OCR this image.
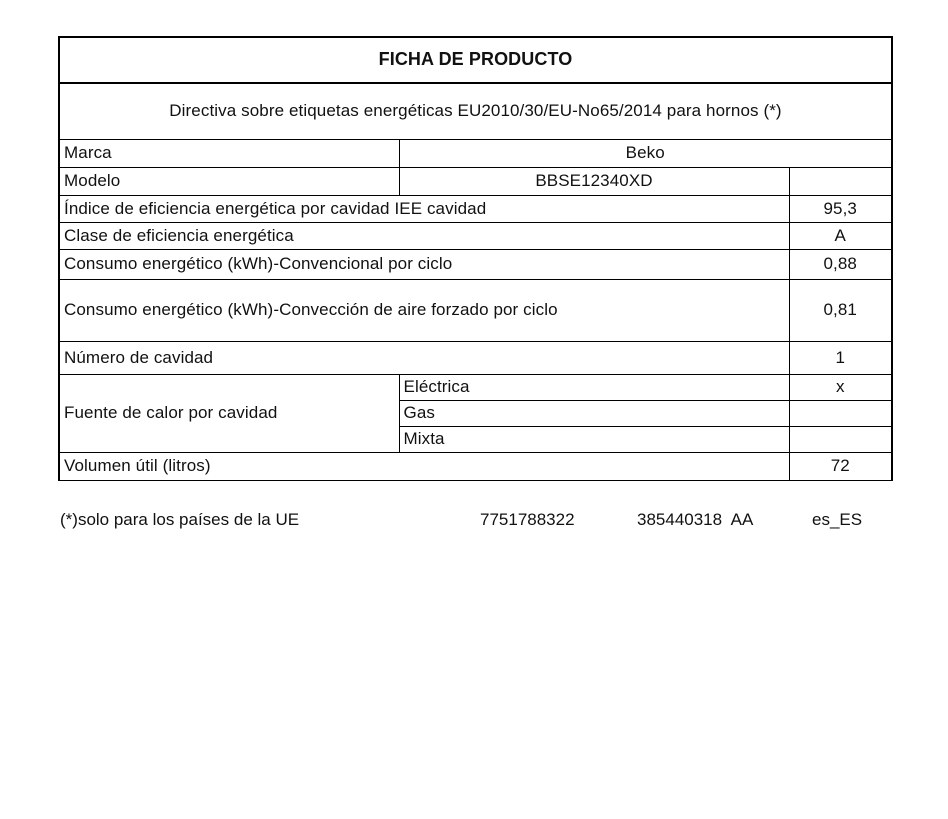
FICHA DE PRODUCTO		
Directiva sobre etiquetas energéticas EU2010/30/EU-No65/2014 para hornos (*)		
Marca	Beko	
Modelo	BBSE12340XD	
Índice de eficiencia energética por cavidad IEE cavidad		95,3
Clase de eficiencia energética		A
Consumo energético (kWh)-Convencional por ciclo		0,88
Consumo energético (kWh)-Convección de aire forzado por ciclo		0,81
Número de cavidad		1
Fuente de calor por cavidad	Eléctrica	x
	Gas	
	Mixta	
Volumen útil (litros)		72
(*)solo para los países de la UE	7751788322	385440318  AA	es_ES
